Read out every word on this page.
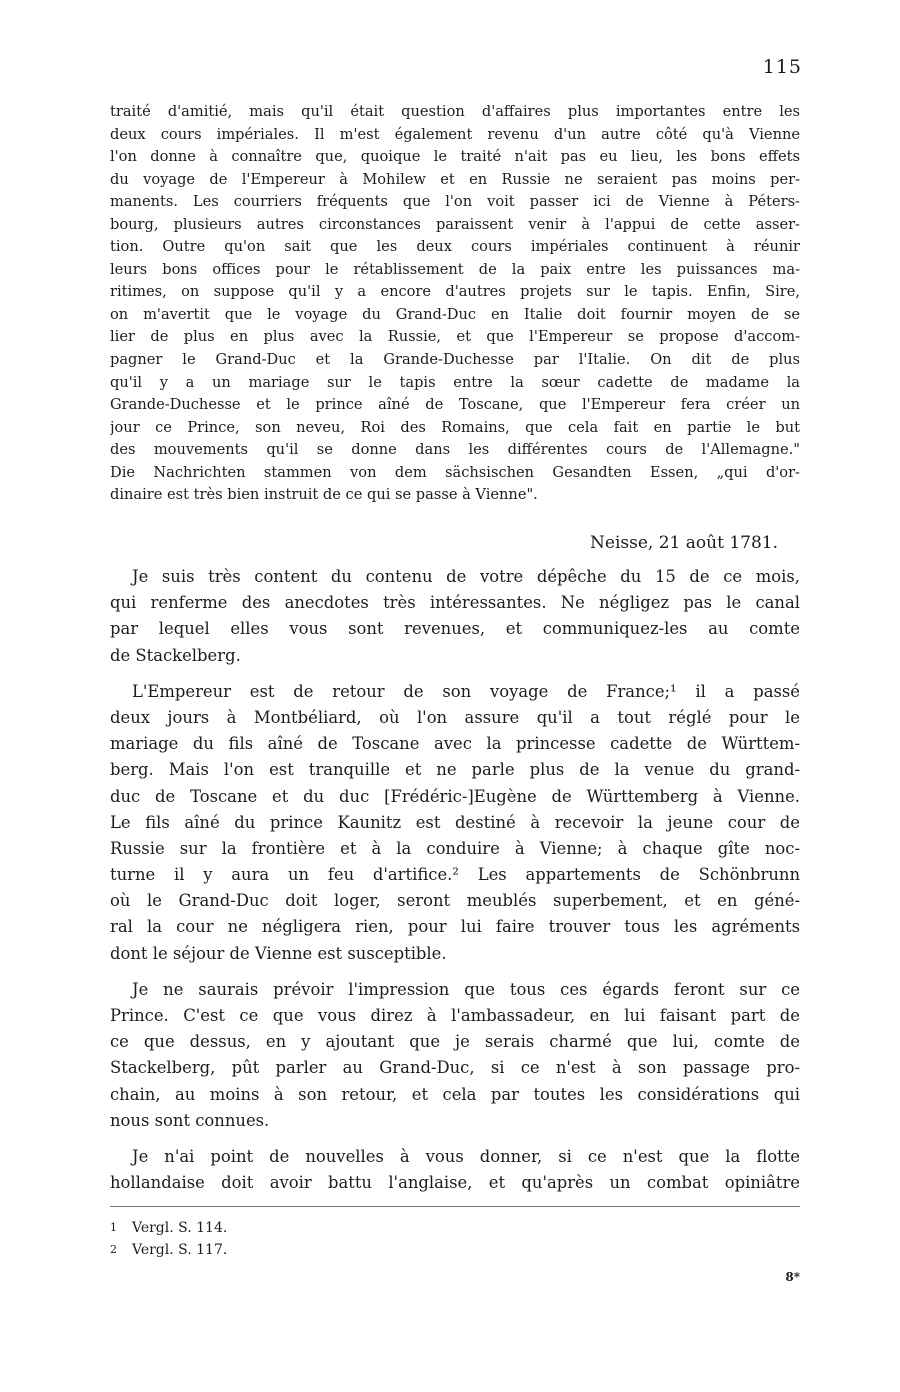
115
traité d'amitié, mais qu'il était question d'affaires plus importantes entre les
deux cours impériales. Il m'est également revenu d'un autre côté qu'à Vienne
l'on donne à connaître que, quoique le traité n'ait pas eu lieu, les bons effets
du voyage de l'Empereur à Mohilew et en Russie ne seraient pas moins per-
manents. Les courriers fréquents que l'on voit passer ici de Vienne à Péters-
bourg, plusieurs autres circonstances paraissent venir à l'appui de cette asser-
tion. Outre qu'on sait que les deux cours impériales continuent à réunir
leurs bons offices pour le rétablissement de la paix entre les puissances ma-
ritimes, on suppose qu'il y a encore d'autres projets sur le tapis. Enfin, Sire,
on m'avertit que le voyage du Grand-Duc en Italie doit fournir moyen de se
lier de plus en plus avec la Russie, et que l'Empereur se propose d'accom-
pagner le Grand-Duc et la Grande-Duchesse par l'Italie. On dit de plus
qu'il y a un mariage sur le tapis entre la sœur cadette de madame la
Grande-Duchesse et le prince aîné de Toscane, que l'Empereur fera créer un
jour ce Prince, son neveu, Roi des Romains, que cela fait en partie le but
des mouvements qu'il se donne dans les différentes cours de l'Allemagne."
Die Nachrichten stammen von dem sächsischen Gesandten Essen, „qui d'or-
dinaire est très bien instruit de ce qui se passe à Vienne".
Neisse, 21 août 1781.
Je suis très content du contenu de votre dépêche du 15 de ce mois,
qui renferme des anecdotes très intéressantes. Ne négligez pas le canal
par lequel elles vous sont revenues, et communiquez-les au comte
de Stackelberg.
L'Empereur est de retour de son voyage de France;¹ il a passé
deux jours à Montbéliard, où l'on assure qu'il a tout réglé pour le
mariage du fils aîné de Toscane avec la princesse cadette de Württem-
berg. Mais l'on est tranquille et ne parle plus de la venue du grand-
duc de Toscane et du duc [Frédéric-]Eugène de Württemberg à Vienne.
Le fils aîné du prince Kaunitz est destiné à recevoir la jeune cour de
Russie sur la frontière et à la conduire à Vienne; à chaque gîte noc-
turne il y aura un feu d'artifice.² Les appartements de Schönbrunn
où le Grand-Duc doit loger, seront meublés superbement, et en géné-
ral la cour ne négligera rien, pour lui faire trouver tous les agréments
dont le séjour de Vienne est susceptible.
Je ne saurais prévoir l'impression que tous ces égards feront sur ce
Prince. C'est ce que vous direz à l'ambassadeur, en lui faisant part de
ce que dessus, en y ajoutant que je serais charmé que lui, comte de
Stackelberg, pût parler au Grand-Duc, si ce n'est à son passage pro-
chain, au moins à son retour, et cela par toutes les considérations qui
nous sont connues.
Je n'ai point de nouvelles à vous donner, si ce n'est que la flotte
hollandaise doit avoir battu l'anglaise, et qu'après un combat opiniâtre
1 Vergl. S. 114.
2 Vergl. S. 117.
8*
